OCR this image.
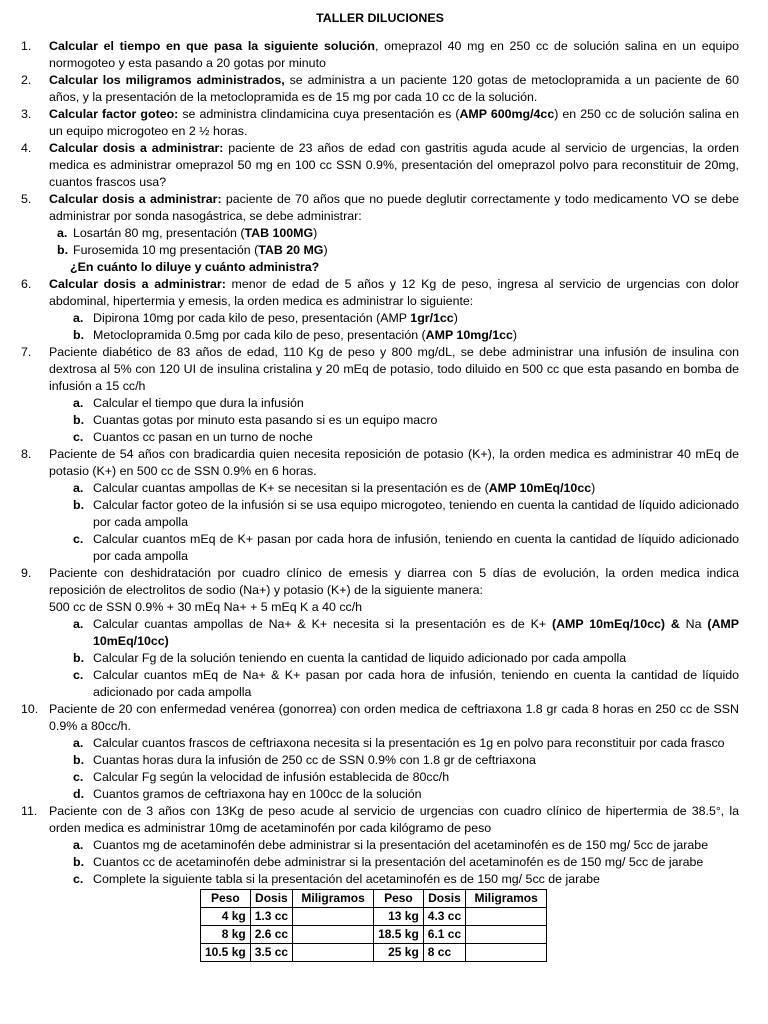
TALLER DILUCIONES
1.	Calcular el tiempo en que pasa la siguiente solución, omeprazol 40 mg en 250 cc de solución salina en un equipo normogoteo y esta pasando a 20 gotas por minuto
2.	Calcular los miligramos administrados, se administra a un paciente 120 gotas de metoclopramida a un paciente de 60 años, y la presentación de la metoclopramida es de 15 mg por cada 10 cc de la solución.
3.	Calcular factor goteo: se administra clindamicina cuya presentación es (AMP 600mg/4cc) en 250 cc de solución salina en un equipo microgoteo en 2 ½ horas.
4.	Calcular dosis a administrar: paciente de 23 años de edad con gastritis aguda acude al servicio de urgencias, la orden medica es administrar omeprazol 50 mg en 100 cc SSN 0.9%, presentación del omeprazol polvo para reconstituir de 20mg, cuantos frascos usa?
5.	Calcular dosis a administrar: paciente de 70 años que no puede deglutir correctamente y todo medicamento VO se debe administrar por sonda nasogástrica, se debe administrar:
a. Losartán 80 mg, presentación (TAB 100MG)
b. Furosemida 10 mg presentación (TAB 20 MG)
¿En cuánto lo diluye y cuánto administra?
6.	Calcular dosis a administrar: menor de edad de 5 años y 12 Kg de peso, ingresa al servicio de urgencias con dolor abdominal, hipertermia y emesis, la orden medica es administrar lo siguiente:
a. Dipirona 10mg por cada kilo de peso, presentación (AMP 1gr/1cc)
b. Metoclopramida 0.5mg por cada kilo de peso, presentación (AMP 10mg/1cc)
7.	Paciente diabético de 83 años de edad, 110 Kg de peso y 800 mg/dL, se debe administrar una infusión de insulina con dextrosa al 5% con 120 UI de insulina cristalina y 20 mEq de potasio, todo diluido en 500 cc que esta pasando en bomba de infusión a 15 cc/h
a. Calcular el tiempo que dura la infusión
b. Cuantas gotas por minuto esta pasando si es un equipo macro
c. Cuantos cc pasan en un turno de noche
8.	Paciente de 54 años con bradicardia quien necesita reposición de potasio (K+), la orden medica es administrar 40 mEq de potasio (K+) en 500 cc de SSN 0.9% en 6 horas.
a. Calcular cuantas ampollas de K+ se necesitan si la presentación es de (AMP 10mEq/10cc)
b. Calcular factor goteo de la infusión si se usa equipo microgoteo, teniendo en cuenta la cantidad de líquido adicionado por cada ampolla
c. Calcular cuantos mEq de K+ pasan por cada hora de infusión, teniendo en cuenta la cantidad de líquido adicionado por cada ampolla
9.	Paciente con deshidratación por cuadro clínico de emesis y diarrea con 5 días de evolución, la orden medica indica reposición de electrolitos de sodio (Na+) y potasio (K+) de la siguiente manera:
500 cc de SSN 0.9% + 30 mEq Na+ + 5 mEq K a 40 cc/h
a. Calcular cuantas ampollas de Na+ & K+ necesita si la presentación es de K+ (AMP 10mEq/10cc) & Na (AMP 10mEq/10cc)
b. Calcular Fg de la solución teniendo en cuenta la cantidad de liquido adicionado por cada ampolla
c. Calcular cuantos mEq de Na+ & K+ pasan por cada hora de infusión, teniendo en cuenta la cantidad de líquido adicionado por cada ampolla
10. Paciente de 20 con enfermedad venérea (gonorrea) con orden medica de ceftriaxona 1.8 gr cada 8 horas en 250 cc de SSN 0.9% a 80cc/h.
a. Calcular cuantos frascos de ceftriaxona necesita si la presentación es 1g en polvo para reconstituir por cada frasco
b. Cuantas horas dura la infusión de 250 cc de SSN 0.9% con 1.8 gr de ceftriaxona
c. Calcular Fg según la velocidad de infusión establecida de 80cc/h
d. Cuantos gramos de ceftriaxona hay en 100cc de la solución
11. Paciente con de 3 años con 13Kg de peso acude al servicio de urgencias con cuadro clínico de hipertermia de 38.5°, la orden medica es administrar 10mg de acetaminofén por cada kilógramo de peso
a. Cuantos mg de acetaminofén debe administrar si la presentación del acetaminofén es de 150 mg/ 5cc de jarabe
b. Cuantos cc de acetaminofén debe administrar si la presentación del acetaminofén es de 150 mg/ 5cc de jarabe
c. Complete la siguiente tabla si la presentación del acetaminofén es de 150 mg/ 5cc de jarabe
Peso	Dosis	Miligramos	Peso	Dosis	Miligramos
4 kg	1.3 cc		13 kg	4.3 cc	
8 kg	2.6 cc		18.5 kg	6.1 cc	
10.5 kg	3.5 cc		25 kg	8 cc	
